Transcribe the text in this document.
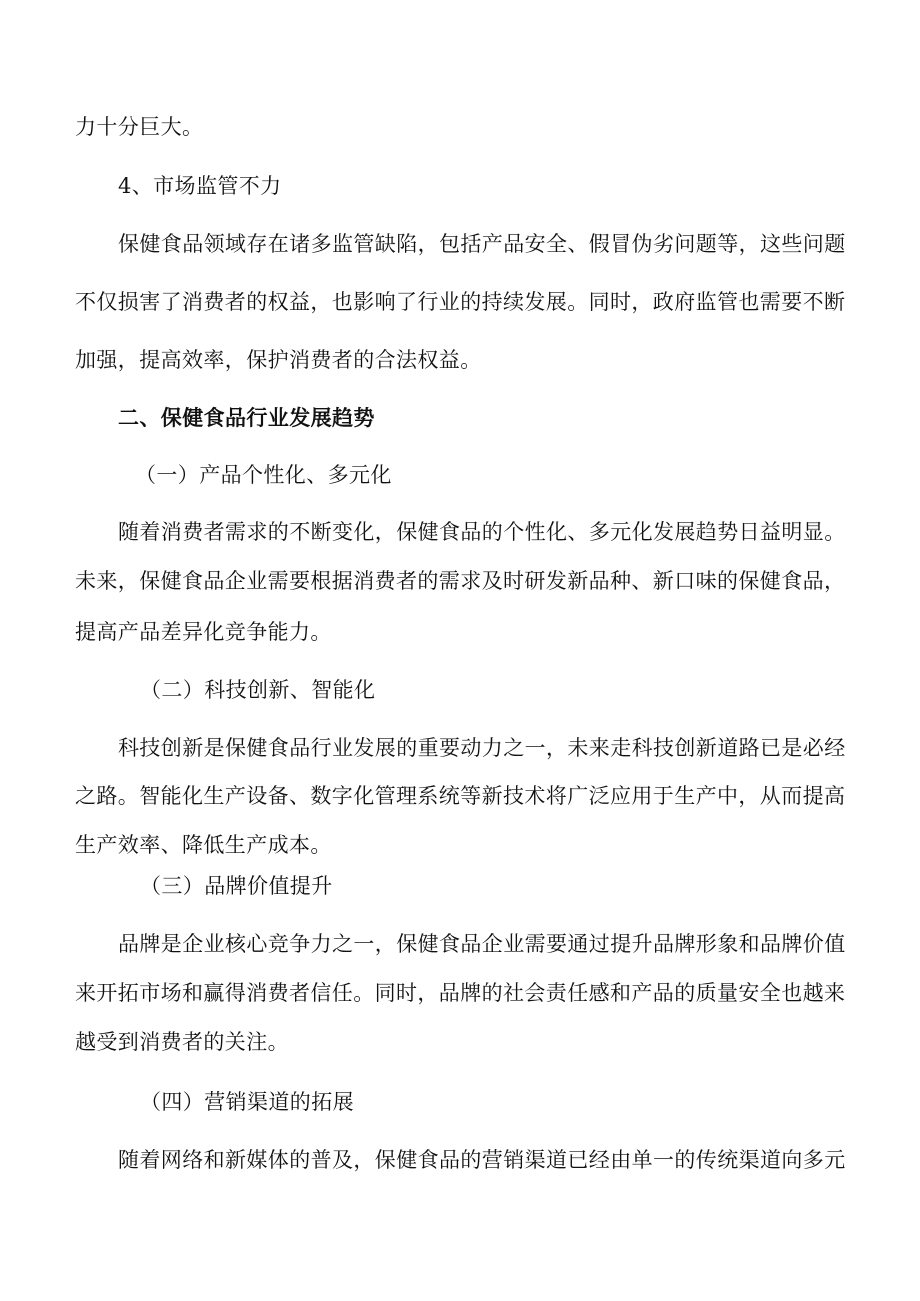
力十分巨大。
4、市场监管不力
保健食品领域存在诸多监管缺陷，包括产品安全、假冒伪劣问题等，这些问题
不仅损害了消费者的权益，也影响了行业的持续发展。同时，政府监管也需要不断
加强，提高效率，保护消费者的合法权益。
二、保健食品行业发展趋势
（一）产品个性化、多元化
随着消费者需求的不断变化，保健食品的个性化、多元化发展趋势日益明显。
未来，保健食品企业需要根据消费者的需求及时研发新品种、新口味的保健食品，
提高产品差异化竞争能力。
（二）科技创新、智能化
科技创新是保健食品行业发展的重要动力之一，未来走科技创新道路已是必经
之路。智能化生产设备、数字化管理系统等新技术将广泛应用于生产中，从而提高
生产效率、降低生产成本。
（三）品牌价值提升
品牌是企业核心竞争力之一，保健食品企业需要通过提升品牌形象和品牌价值
来开拓市场和赢得消费者信任。同时，品牌的社会责任感和产品的质量安全也越来
越受到消费者的关注。
（四）营销渠道的拓展
随着网络和新媒体的普及，保健食品的营销渠道已经由单一的传统渠道向多元
